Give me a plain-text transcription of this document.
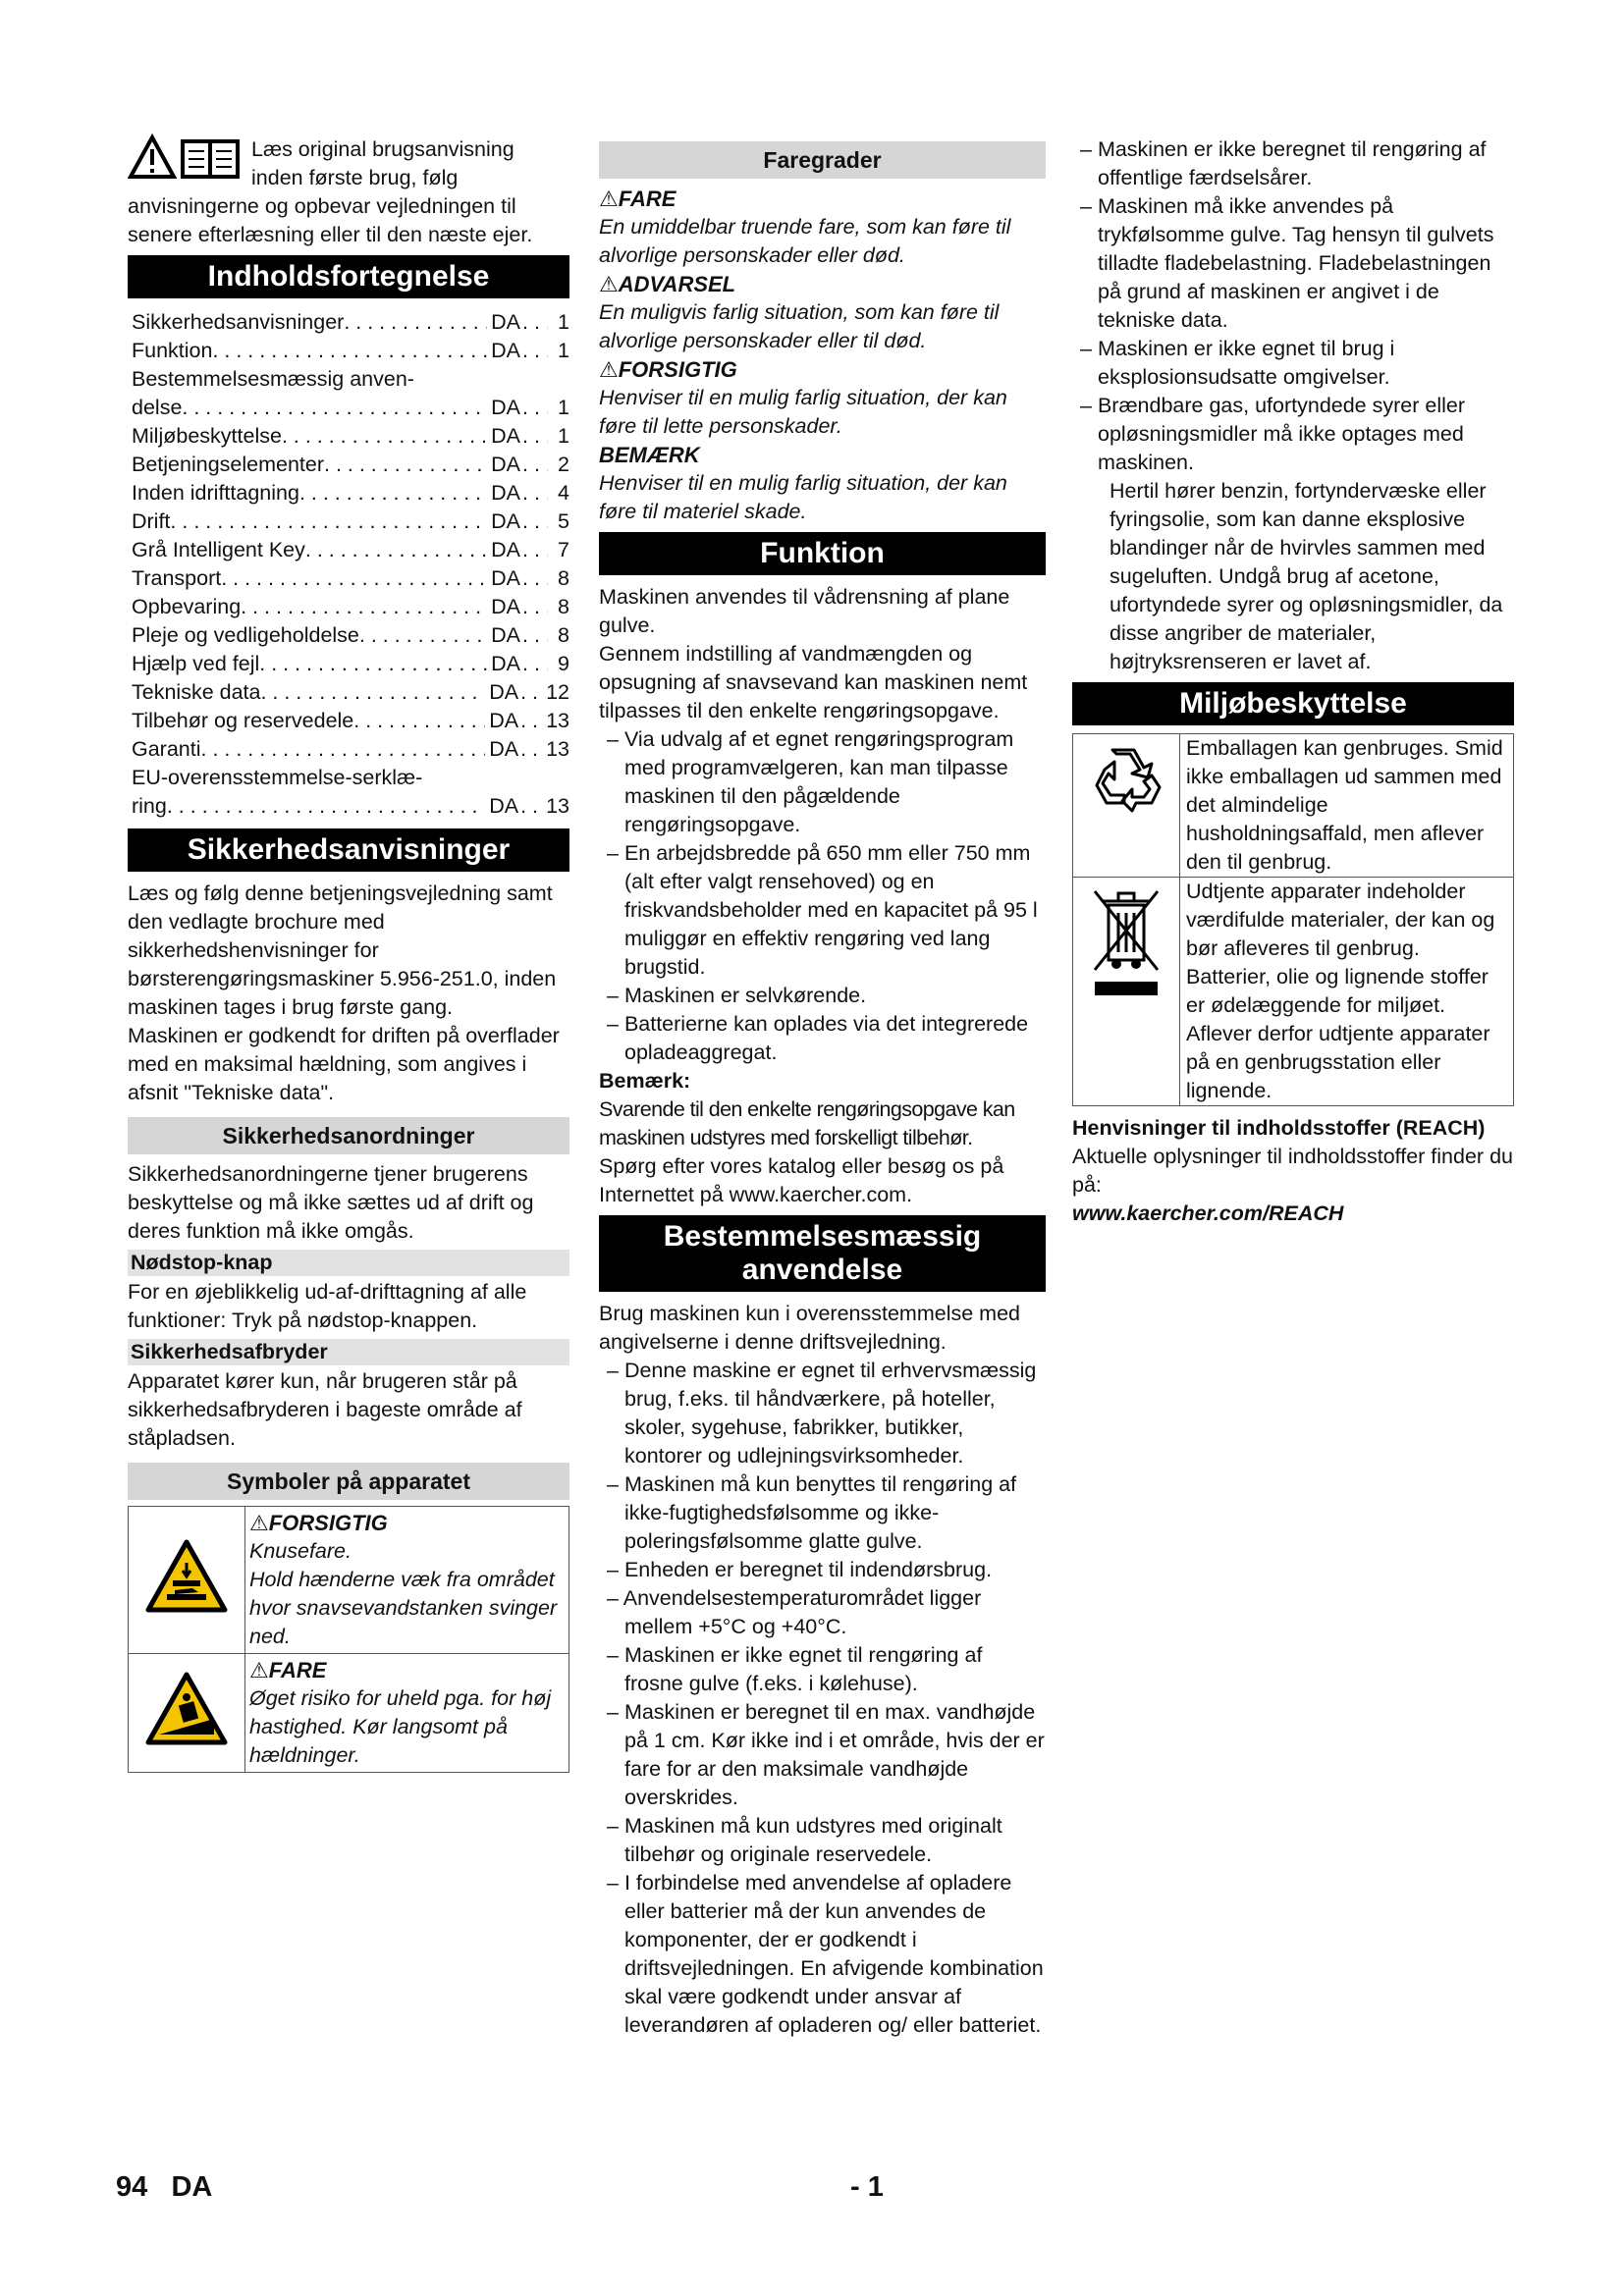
Læs original brugsanvisning inden første brug, følg anvisningerne og opbevar vejledningen til senere efterlæsning eller til den næste ejer.

Indholdsfortegnelse
Sikkerhedsanvisninger . . .	DA . . .	1
Funktion . . .	DA . . .	1
Bestemmelsesmæssig anven-
delse . . .	DA . . .	1
Miljøbeskyttelse . . .	DA . . .	1
Betjeningselementer . . .	DA . . .	2
Inden idrifttagning . . .	DA . . .	4
Drift . . .	DA . . .	5
Grå Intelligent Key . . .	DA . . .	7
Transport . . .	DA . . .	8
Opbevaring . . .	DA . . .	8
Pleje og vedligeholdelse . . .	DA . . .	8
Hjælp ved fejl . . .	DA . . .	9
Tekniske data . . .	DA . . . 12
Tilbehør og reservedele . . .	DA . . . 13
Garanti . . .	DA . . . 13
EU-overensstemmelse-serklæ-
ring . . .	DA . . . 13
Sikkerhedsanvisninger

Læs og følg denne betjeningsvejledning samt den vedlagte brochure med sikkerhedshenvisninger for børsterengøringsmaskiner 5.956-251.0, inden maskinen tages i brug første gang.

Maskinen er godkendt for driften på overflader med en maksimal hældning, som angives i afsnit "Tekniske data".

Sikkerhedsanordninger

Sikkerhedsanordningerne tjener brugerens beskyttelse og må ikke sættes ud af drift og deres funktion må ikke omgås.

Nødstop-knap

For en øjeblikkelig ud-af-drifttagning af alle funktioner: Tryk på nødstop-knappen.

Sikkerhedsafbryder

Apparatet kører kun, når brugeren står på sikkerhedsafbryderen i bageste område af ståpladsen.

Symboler på apparatet

⚠FORSIGTIG
Knusefare.
Hold hænderne væk fra området hvor snavsevandstanken svinger ned.

⚠FARE
Øget risiko for uheld pga. for høj hastighed. Kør langsomt på hældninger.
Faregrader
⚠FARE

En umiddelbar truende fare, som kan føre til alvorlige personskader eller død.

⚠ADVARSEL

En muligvis farlig situation, som kan føre til alvorlige personskader eller til død.

⚠FORSIGTIG

Henviser til en mulig farlig situation, der kan føre til lette personskader.

BEMÆRK

Henviser til en mulig farlig situation, der kan føre til materiel skade.

Funktion

Maskinen anvendes til vådrensning af plane gulve.

Gennem indstilling af vandmængden og opsugning af snavsevand kan maskinen nemt tilpasses til den enkelte rengøringsopgave.

– Via udvalg af et egnet rengøringsprogram med programvælgeren, kan man tilpasse maskinen til den pågældende rengøringsopgave.
– En arbejdsbredde på 650 mm eller 750 mm (alt efter valgt rensehoved) og en friskvandsbeholder med en kapacitet på 95 l muliggør en effektiv rengøring ved lang brugstid.
– Maskinen er selvkørende.
– Batterierne kan oplades via det integrerede opladeaggregat.
Bemærk:

Svarende til den enkelte rengøringsopgave kan maskinen udstyres med forskelligt tilbehør.

Spørg efter vores katalog eller besøg os på Internettet på www.kaercher.com.

Bestemmelsesmæssig
anvendelse

Brug maskinen kun i overensstemmelse med angivelserne i denne driftsvejledning.

– Denne maskine er egnet til erhvervsmæssig brug, f.eks. til håndværkere, på hoteller, skoler, sygehuse, fabrikker, butikker, kontorer og udlejningsvirksomheder.
– Maskinen må kun benyttes til rengøring af ikke-fugtighedsfølsomme og ikke-poleringsfølsomme glatte gulve.
– Enheden er beregnet til indendørsbrug.
– Anvendelsestemperaturområdet ligger mellem +5°C og +40°C.
– Maskinen er ikke egnet til rengøring af frosne gulve (f.eks. i kølehuse).
– Maskinen er beregnet til en max. vandhøjde på 1 cm. Kør ikke ind i et område, hvis der er fare for ar den maksimale vandhøjde overskrides.
– Maskinen må kun udstyres med originalt tilbehør og originale reservedele.
– I forbindelse med anvendelse af opladere eller batterier må der kun anvendes de komponenter, der er godkendt i driftsvejledningen. En afvigende kombination skal være godkendt under ansvar af leverandøren af opladeren og/ eller batteriet.
– Maskinen er ikke beregnet til rengøring af offentlige færdselsårer.
– Maskinen må ikke anvendes på trykfølsomme gulve. Tag hensyn til gulvets tilladte fladebelastning. Fladebelastningen på grund af maskinen er angivet i de tekniske data.
– Maskinen er ikke egnet til brug i eksplosionsudsatte omgivelser.
– Brændbare gas, ufortyndede syrer eller opløsningsmidler må ikke optages med maskinen.

Hertil hører benzin, fortyndervæske eller fyringsolie, som kan danne eksplosive blandinger når de hvirvles sammen med sugeluften. Undgå brug af acetone, ufortyndede syrer og opløsningsmidler, da disse angriber de materialer, højtryksrenseren er lavet af.

Miljøbeskyttelse
	Emballagen kan genbruges. Smid ikke emballagen ud sammen med det almindelige husholdningsaffald, men aflever den til genbrug.
	Udtjente apparater indeholder værdifulde materialer, der kan og bør afleveres til genbrug. Batterier, olie og lignende stoffer er ødelæggende for miljøet. Aflever derfor udtjente apparater på en genbrugsstation eller lignende.
Henvisninger til indholdsstoffer (REACH)

Aktuelle oplysninger til indholdsstoffer finder du på:

www.kaercher.com/REACH

94 DA	- 1
